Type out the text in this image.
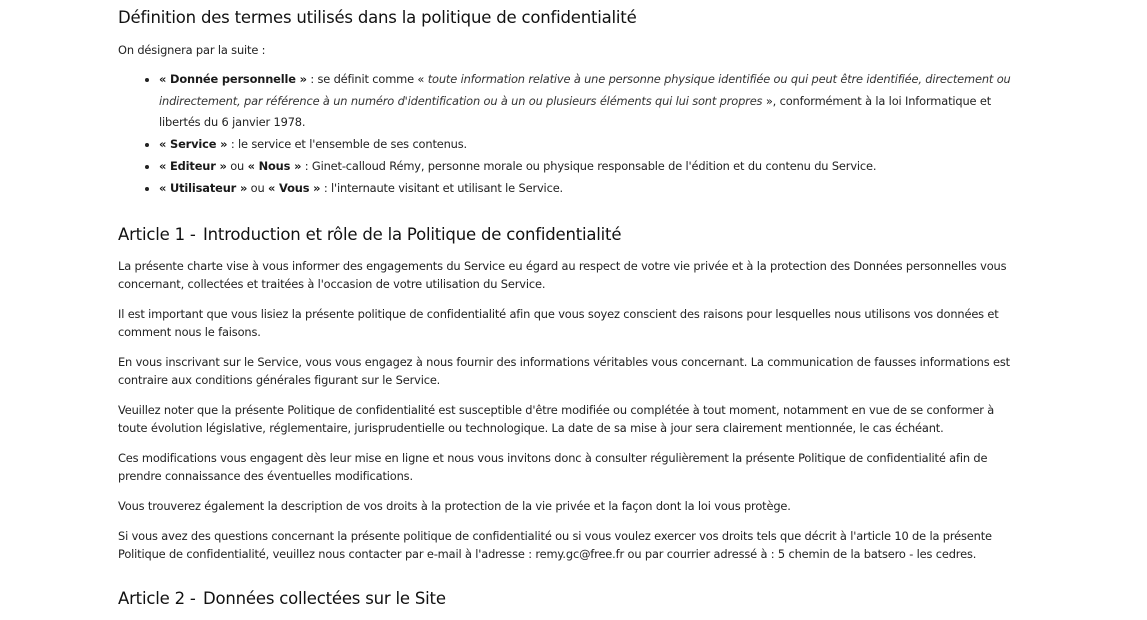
Définition des termes utilisés dans la politique de confidentialité

On désignera par la suite :

• « Donnée personnelle » : se définit comme « toute information relative à une personne physique identifiée ou qui peut être identifiée, directement ou indirectement, par référence à un numéro d'identification ou à un ou plusieurs éléments qui lui sont propres », conformément à la loi Informatique et libertés du 6 janvier 1978.
• « Service » : le service et l'ensemble de ses contenus.
• « Editeur » ou « Nous » : Ginet-calloud Rémy, personne morale ou physique responsable de l'édition et du contenu du Service.
• « Utilisateur » ou « Vous » : l'internaute visitant et utilisant le Service.
Article 1 - Introduction et rôle de la Politique de confidentialité

La présente charte vise à vous informer des engagements du Service eu égard au respect de votre vie privée et à la protection des Données personnelles vous concernant, collectées et traitées à l'occasion de votre utilisation du Service.

Il est important que vous lisiez la présente politique de confidentialité afin que vous soyez conscient des raisons pour lesquelles nous utilisons vos données et comment nous le faisons.

En vous inscrivant sur le Service, vous vous engagez à nous fournir des informations véritables vous concernant. La communication de fausses informations est contraire aux conditions générales figurant sur le Service.

Veuillez noter que la présente Politique de confidentialité est susceptible d'être modifiée ou complétée à tout moment, notamment en vue de se conformer à toute évolution législative, réglementaire, jurisprudentielle ou technologique. La date de sa mise à jour sera clairement mentionnée, le cas échéant.

Ces modifications vous engagent dès leur mise en ligne et nous vous invitons donc à consulter régulièrement la présente Politique de confidentialité afin de prendre connaissance des éventuelles modifications.

Vous trouverez également la description de vos droits à la protection de la vie privée et la façon dont la loi vous protège.

Si vous avez des questions concernant la présente politique de confidentialité ou si vous voulez exercer vos droits tels que décrit à l'article 10 de la présente Politique de confidentialité, veuillez nous contacter par e-mail à l'adresse : remy.gc@free.fr ou par courrier adressé à : 5 chemin de la batsero - les cedres.

Article 2 - Données collectées sur le Site
